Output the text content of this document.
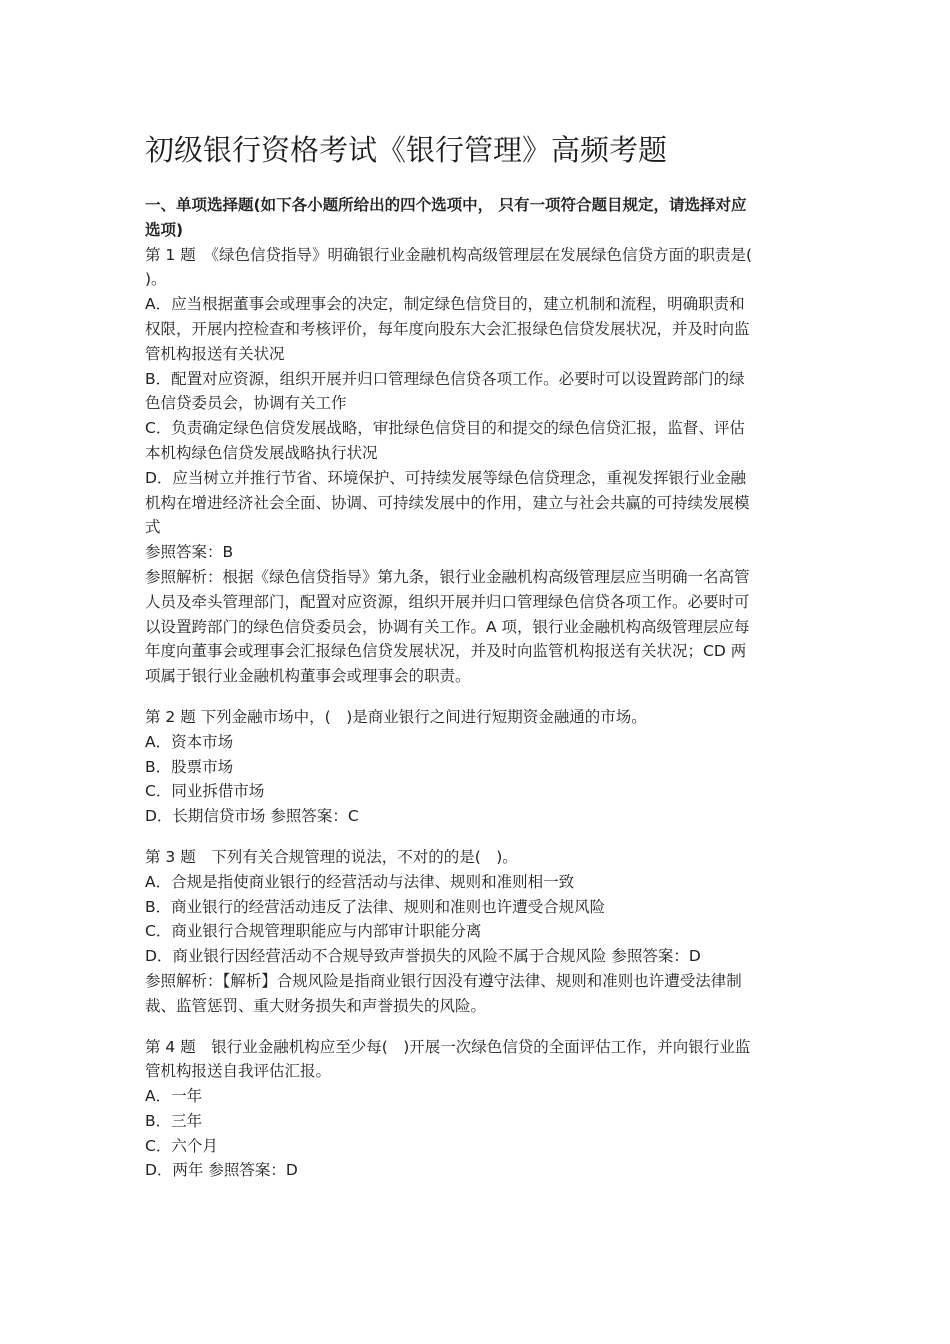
初级银行资格考试《银行管理》高频考题
一、单项选择题(如下各小题所给出的四个选项中， 只有一项符合题目规定，请选择对应
选项)
第 1 题　《绿色信贷指导》明确银行业金融机构高级管理层在发展绿色信贷方面的职责是(
)。
A．应当根据董事会或理事会的决定，制定绿色信贷目的，建立机制和流程，明确职责和
权限，开展内控检查和考核评价，每年度向股东大会汇报绿色信贷发展状况，并及时向监
管机构报送有关状况
B．配置对应资源，组织开展并归口管理绿色信贷各项工作。必要时可以设置跨部门的绿
色信贷委员会，协调有关工作
C．负责确定绿色信贷发展战略，审批绿色信贷目的和提交的绿色信贷汇报，监督、评估
本机构绿色信贷发展战略执行状况
D．应当树立并推行节省、环境保护、可持续发展等绿色信贷理念，重视发挥银行业金融
机构在增进经济社会全面、协调、可持续发展中的作用，建立与社会共赢的可持续发展模
式
参照答案：B
参照解析：根据《绿色信贷指导》第九条，银行业金融机构高级管理层应当明确一名高管
人员及牵头管理部门，配置对应资源，组织开展并归口管理绿色信贷各项工作。必要时可
以设置跨部门的绿色信贷委员会，协调有关工作。A 项，银行业金融机构高级管理层应每
年度向董事会或理事会汇报绿色信贷发展状况，并及时向监管机构报送有关状况；CD 两
项属于银行业金融机构董事会或理事会的职责。
第 2 题 下列金融市场中，(　)是商业银行之间进行短期资金融通的市场。
A．资本市场
B．股票市场
C．同业拆借市场
D．长期信贷市场 参照答案：C
第 3 题　下列有关合规管理的说法，不对的的是(　)。
A．合规是指使商业银行的经营活动与法律、规则和准则相一致
B．商业银行的经营活动违反了法律、规则和准则也许遭受合规风险
C．商业银行合规管理职能应与内部审计职能分离
D．商业银行因经营活动不合规导致声誉损失的风险不属于合规风险 参照答案：D
参照解析：【解析】合规风险是指商业银行因没有遵守法律、规则和准则也许遭受法律制
裁、监管惩罚、重大财务损失和声誉损失的风险。
第 4 题　银行业金融机构应至少每(　)开展一次绿色信贷的全面评估工作，并向银行业监
管机构报送自我评估汇报。
A．一年
B．三年
C．六个月
D．两年 参照答案：D
